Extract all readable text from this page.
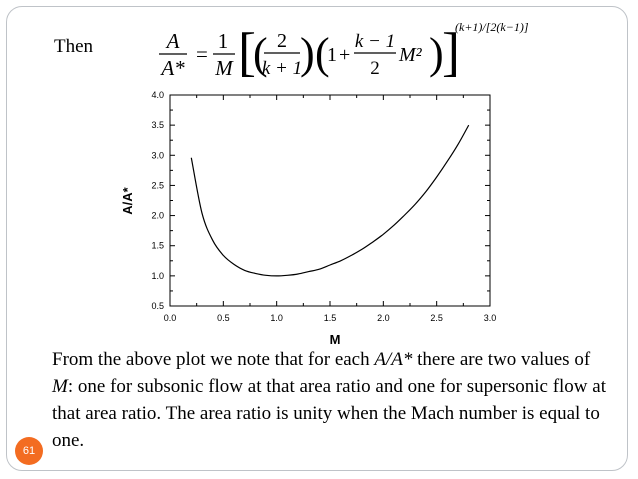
Then	A
A*
=
1
M [
( 2
k + 1
) (
1 +
k − 1
2
M² )
]
(k+1)/[2(k−1)]
0.0	0.5	1.0	1.5	2.0	2.5	3.0
0.5
1.0
1.5
2.0
2.5
3.0
3.5
4.0
M
A/A*
From the above plot we note that for each A/A* there are two values of M: one for subsonic flow at that area ratio and one for supersonic flow at that area ratio. The area ratio is unity when the Mach number is equal to one.
61
